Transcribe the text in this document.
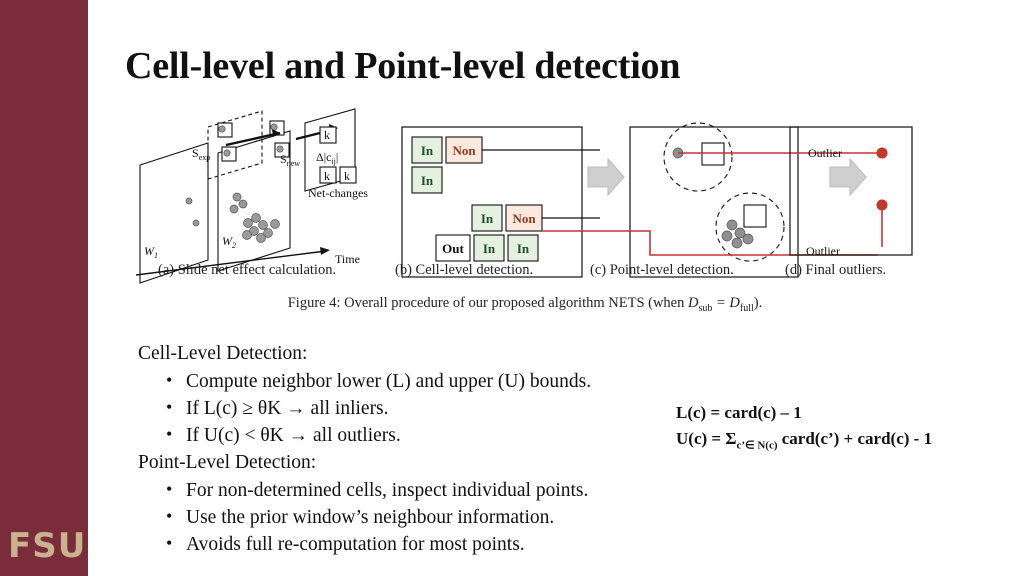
FSU
Cell-level and Point-level detection
$W_1$
$W_2$
Time
$S_{exp}$	$S_{new}$ $\Delta|c_{ij}|$
k
k k
Net-changes
Outlier
Outlier
In Non
In
In Non
Out In In
(a) Slide net effect calculation.	(b) Cell-level detection.	(c) Point-level detection.	(d) Final outliers.
Figure 4: Overall procedure of our proposed algorithm NETS (when $D_{sub} = D_{full}$).

Cell-Level Detection:

• Compute neighbor lower (L) and upper (U) bounds.
• If L(c) ≥ θK → all inliers.
• If U(c) < θK → all outliers.

Point-Level Detection:

• For non-determined cells, inspect individual points.
• Use the prior window’s neighbour information.
• Avoids full re-computation for most points.
L(c) = card(c) – 1
$U(c) = \Sigma_{c’\in N(c)}$ card(c’) + card(c) - 1
